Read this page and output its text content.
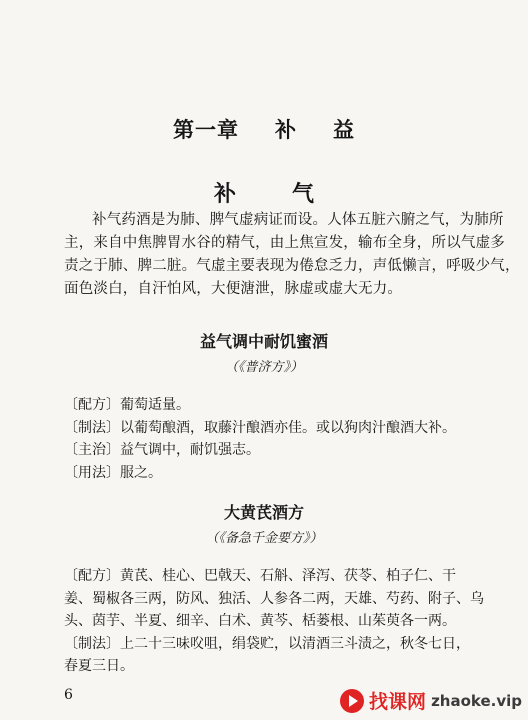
第一章 补 益
补	气

补气药酒是为肺、脾气虚病证而设。人体五脏六腑之气，为肺所

主，来自中焦脾胃水谷的精气，由上焦宣发，输布全身，所以气虚多

责之于肺、脾二脏。气虚主要表现为倦怠乏力，声低懒言，呼吸少气，

面色淡白，自汗怕风，大便溏泄，脉虚或虚大无力。

益气调中耐饥蜜酒
（《普济方》）

〔配方〕葡萄适量。

〔制法〕以葡萄酿酒，取藤汁酿酒亦佳。或以狗肉汁酿酒大补。

〔主治〕益气调中，耐饥强志。

〔用法〕服之。

大黄芪酒方
（《备急千金要方》）

〔配方〕黄芪、桂心、巴戟天、石斛、泽泻、茯苓、柏子仁、干

姜、蜀椒各三两，防风、独活、人参各二两，天雄、芍药、附子、乌

头、茵芋、半夏、细辛、白术、黄芩、栝蒌根、山茱萸各一两。

〔制法〕上二十三味㕮咀，绢袋贮，以清酒三斗渍之，秋冬七日，

春夏三日。

6	找课网 zhaoke.vip
